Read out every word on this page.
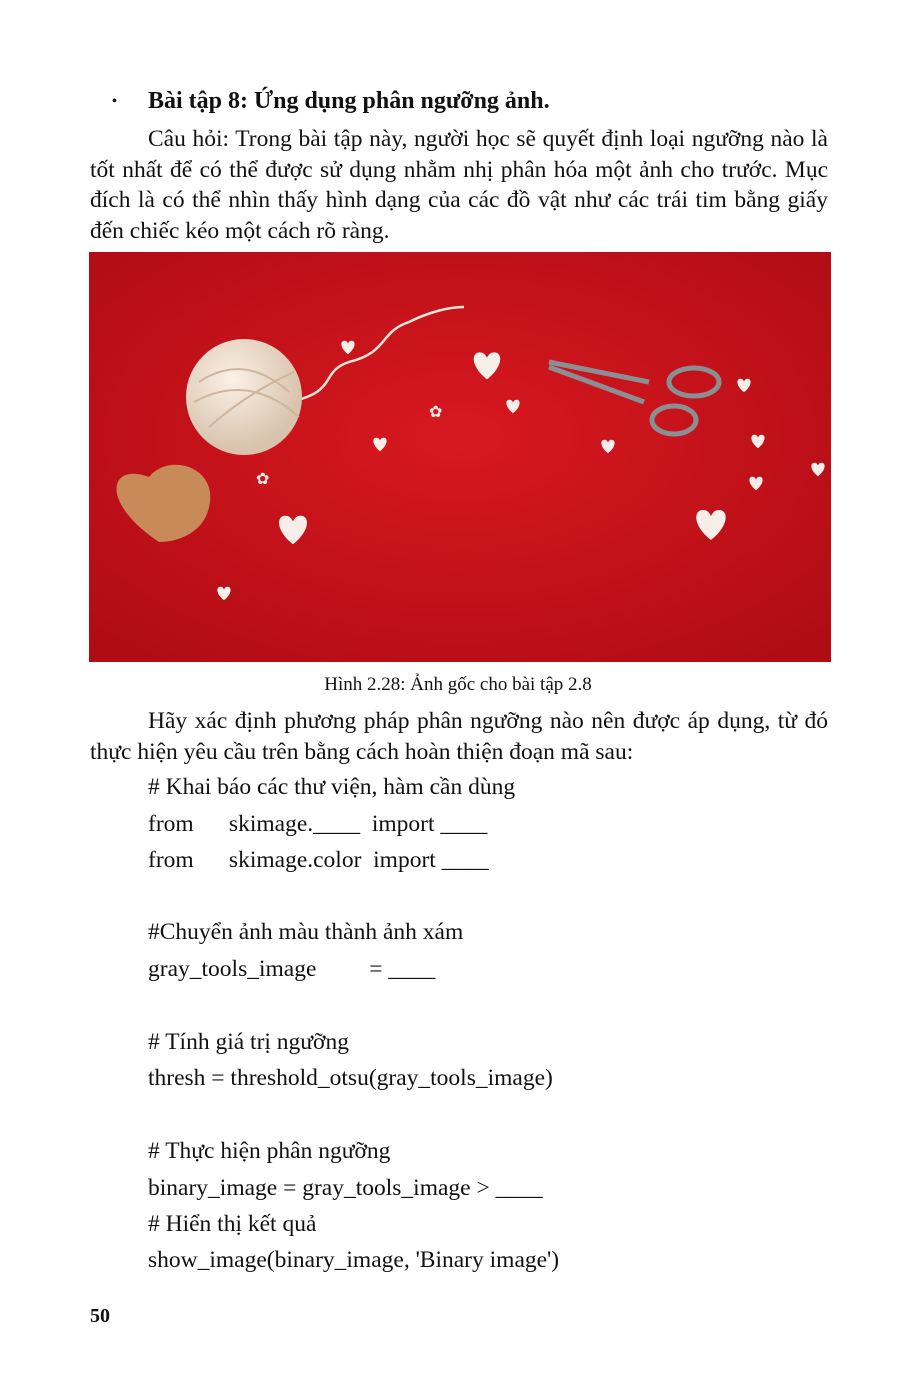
• Bài tập 8: Ứng dụng phân ngưỡng ảnh.
Câu hỏi: Trong bài tập này, người học sẽ quyết định loại ngưỡng nào là tốt nhất để có thể được sử dụng nhằm nhị phân hóa một ảnh cho trước. Mục đích là có thể nhìn thấy hình dạng của các đồ vật như các trái tim bằng giấy đến chiếc kéo một cách rõ ràng.
✿
✿
Hình 2.28: Ảnh gốc cho bài tập 2.8
Hãy xác định phương pháp phân ngưỡng nào nên được áp dụng, từ đó thực hiện yêu cầu trên bằng cách hoàn thiện đoạn mã sau:
# Khai báo các thư viện, hàm cần dùng
from      skimage.____  import ____
from      skimage.color  import ____
#Chuyển ảnh màu thành ảnh xám
gray_tools_image         = ____
# Tính giá trị ngưỡng
thresh = threshold_otsu(gray_tools_image)
# Thực hiện phân ngưỡng
binary_image = gray_tools_image > ____
# Hiển thị kết quả
show_image(binary_image, 'Binary image')
50
